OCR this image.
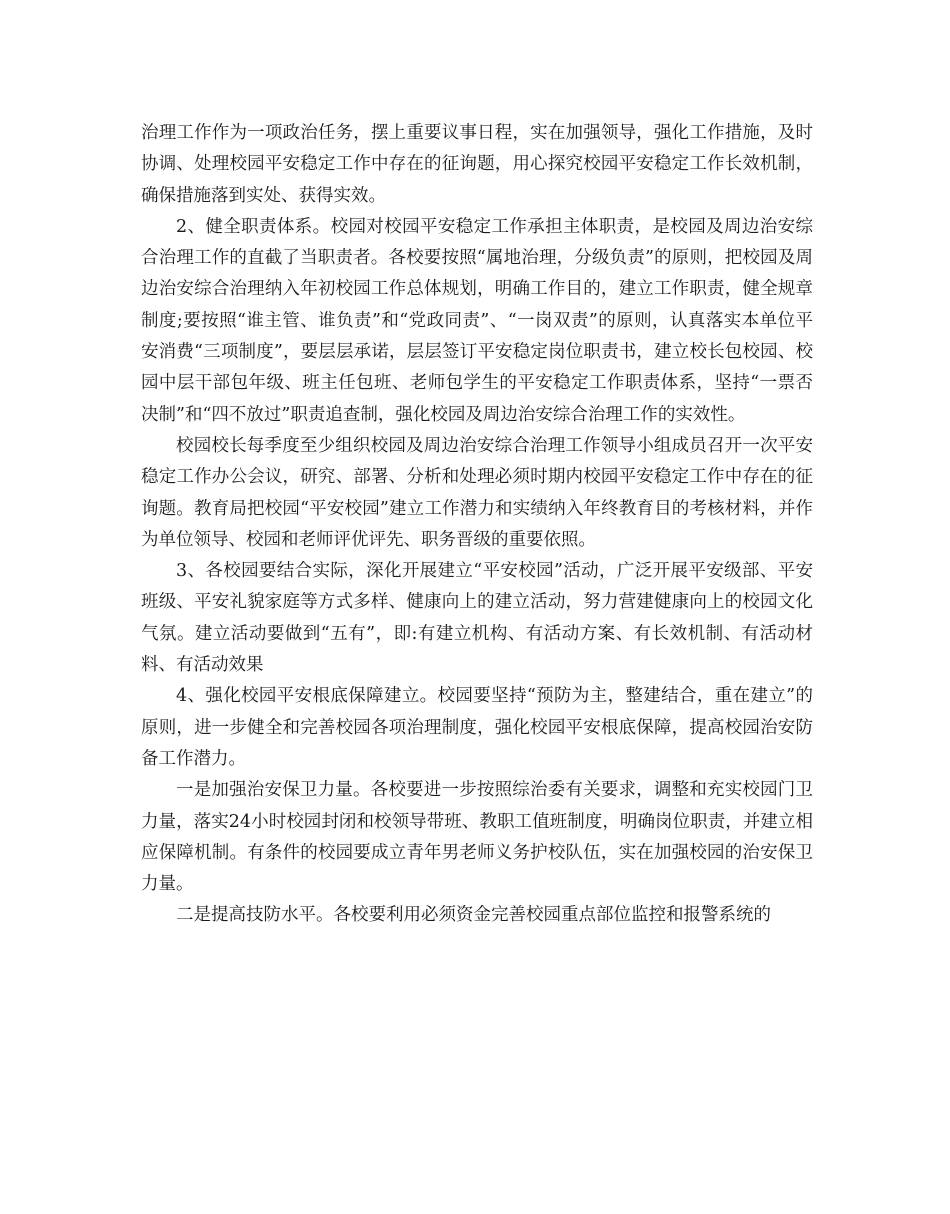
治理工作作为一项政治任务，摆上重要议事日程，实在加强领导，强化工作措施，及时协调、处理校园平安稳定工作中存在的征询题，用心探究校园平安稳定工作长效机制，确保措施落到实处、获得实效。

2、健全职责体系。校园对校园平安稳定工作承担主体职责，是校园及周边治安综合治理工作的直截了当职责者。各校要按照“属地治理，分级负责”的原则，把校园及周边治安综合治理纳入年初校园工作总体规划，明确工作目的，建立工作职责，健全规章制度;要按照“谁主管、谁负责”和“党政同责”、“一岗双责”的原则，认真落实本单位平安消费“三项制度”，要层层承诺，层层签订平安稳定岗位职责书，建立校长包校园、校园中层干部包年级、班主任包班、老师包学生的平安稳定工作职责体系，坚持“一票否决制”和“四不放过”职责追查制，强化校园及周边治安综合治理工作的实效性。

校园校长每季度至少组织校园及周边治安综合治理工作领导小组成员召开一次平安稳定工作办公会议，研究、部署、分析和处理必须时期内校园平安稳定工作中存在的征询题。教育局把校园“平安校园”建立工作潜力和实绩纳入年终教育目的考核材料，并作为单位领导、校园和老师评优评先、职务晋级的重要依照。

3、各校园要结合实际，深化开展建立“平安校园”活动，广泛开展平安级部、平安班级、平安礼貌家庭等方式多样、健康向上的建立活动，努力营建健康向上的校园文化气氛。建立活动要做到“五有”，即:有建立机构、有活动方案、有长效机制、有活动材料、有活动效果

4、强化校园平安根底保障建立。校园要坚持“预防为主，整建结合，重在建立”的原则，进一步健全和完善校园各项治理制度，强化校园平安根底保障，提高校园治安防备工作潜力。

一是加强治安保卫力量。各校要进一步按照综治委有关要求，调整和充实校园门卫力量，落实24小时校园封闭和校领导带班、教职工值班制度，明确岗位职责，并建立相应保障机制。有条件的校园要成立青年男老师义务护校队伍，实在加强校园的治安保卫力量。

二是提高技防水平。各校要利用必须资金完善校园重点部位监控和报警系统的
